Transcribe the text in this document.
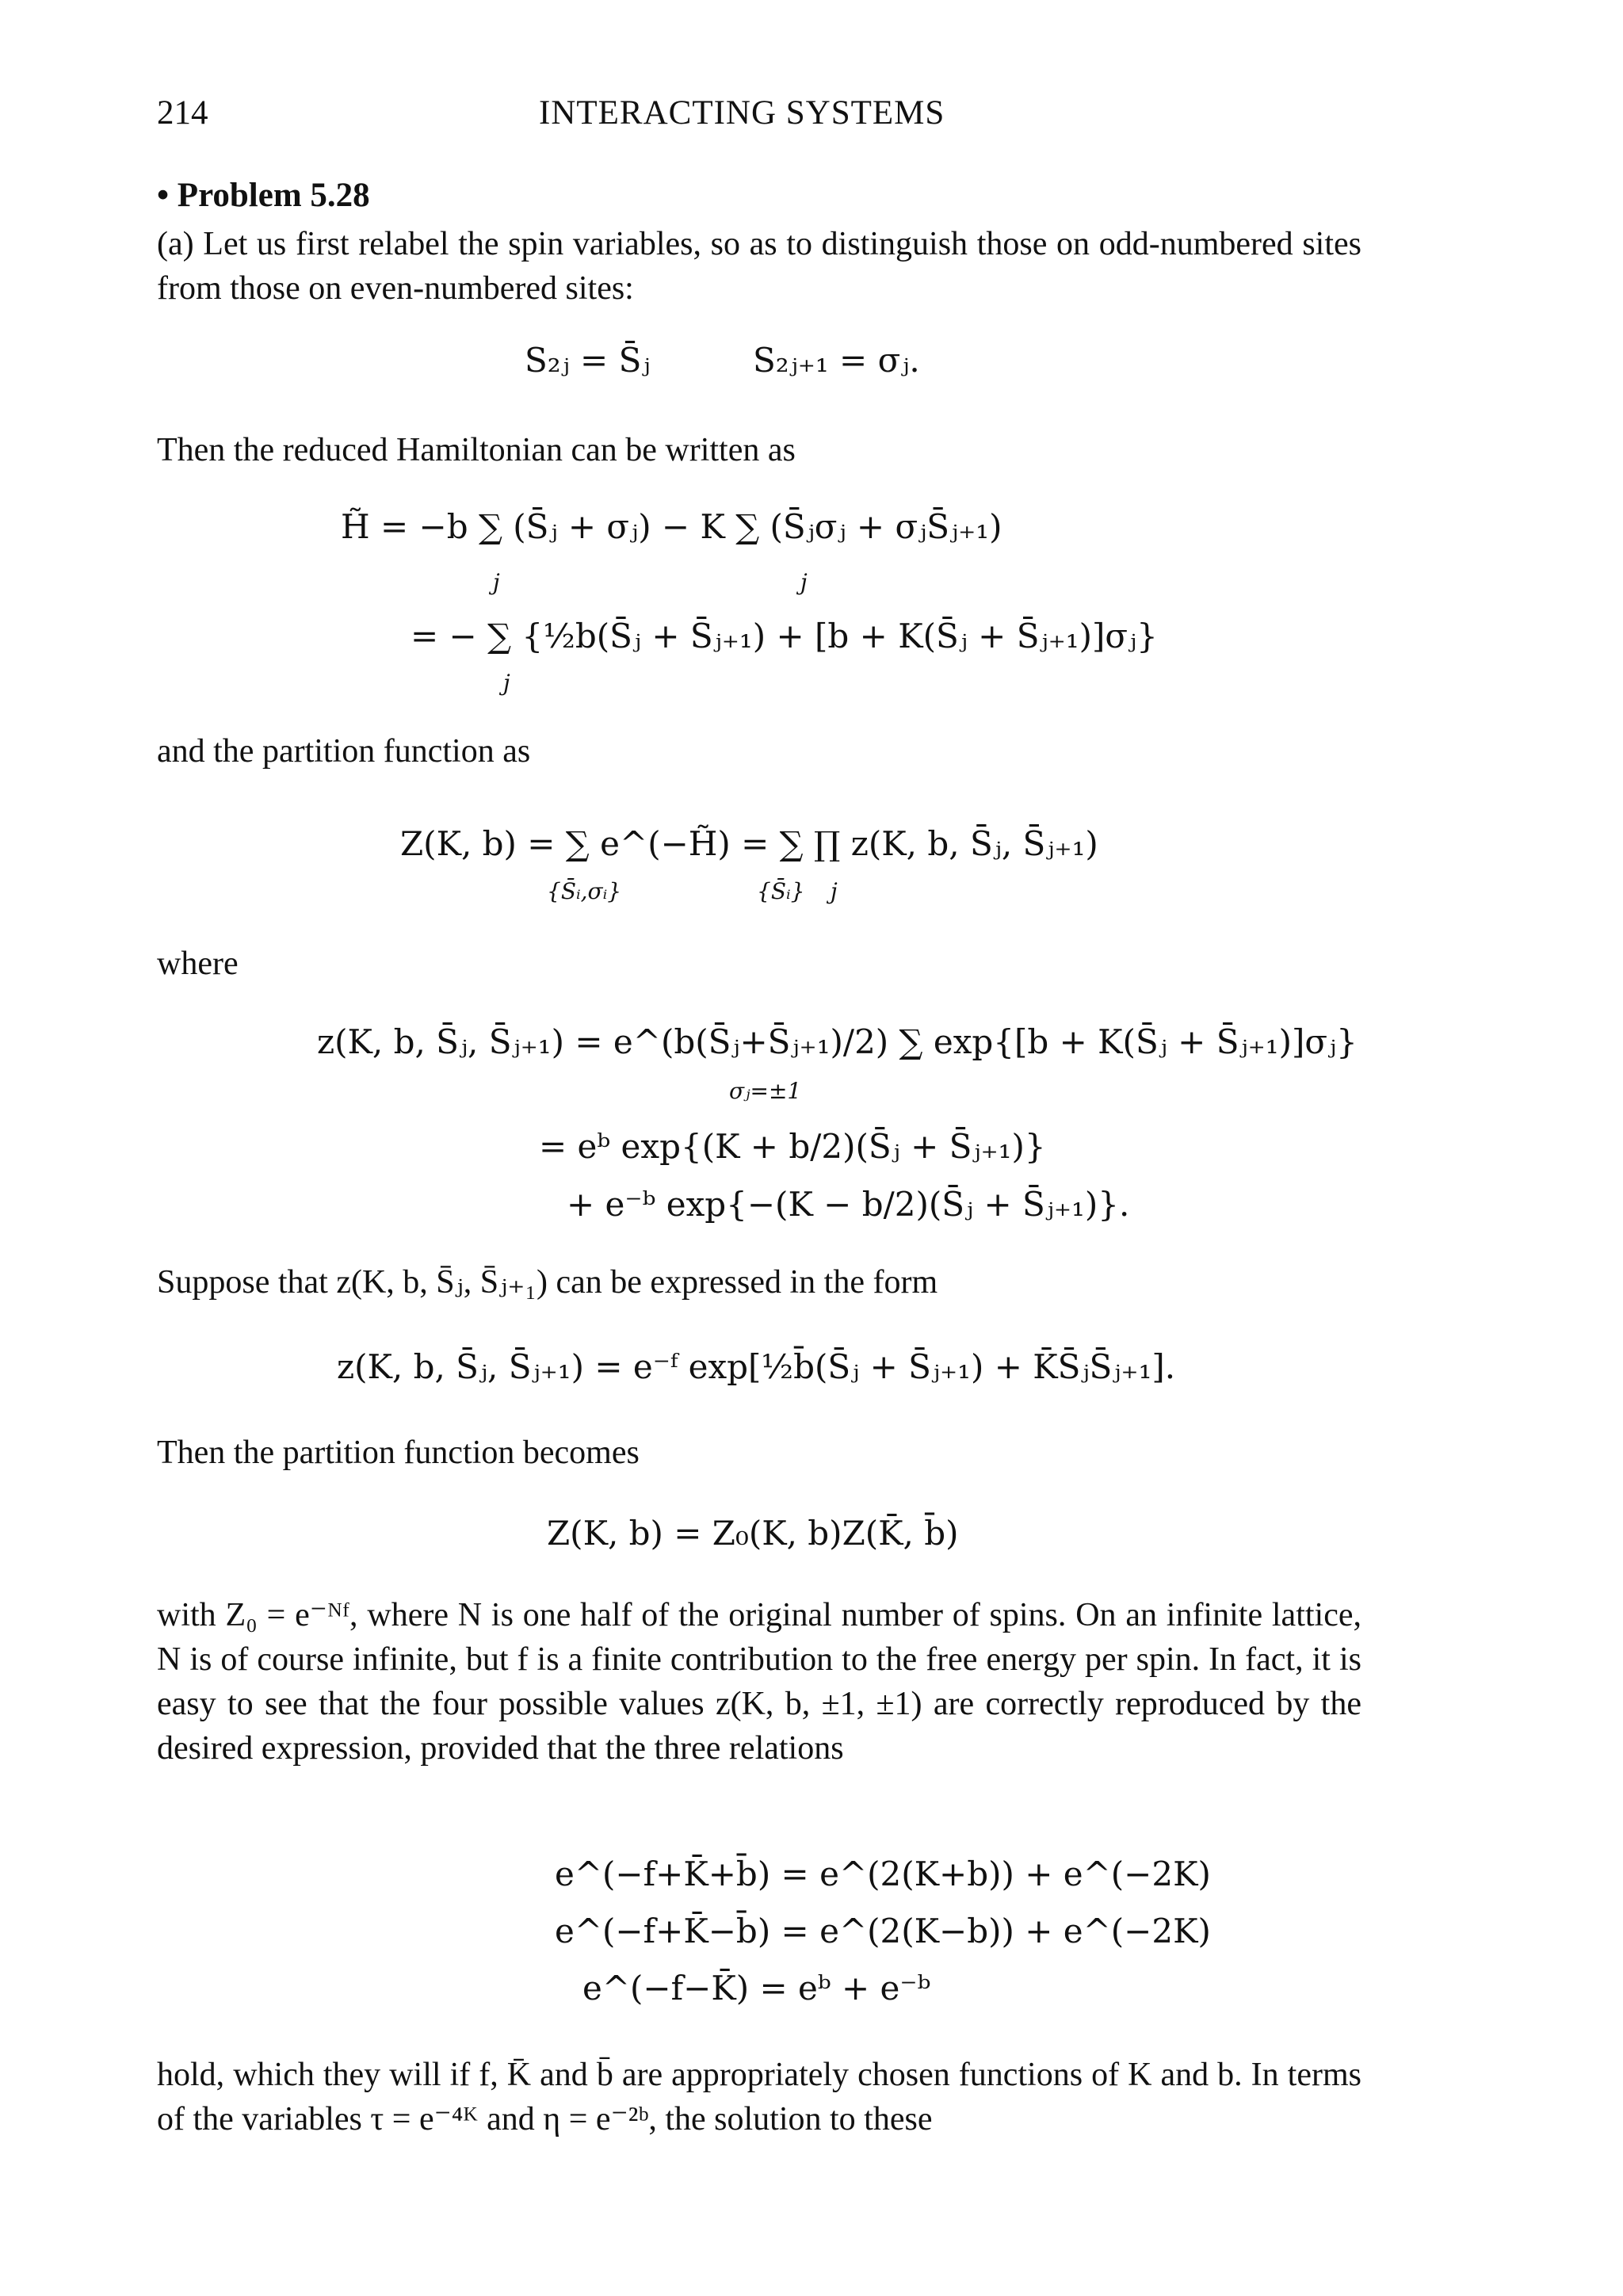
214	INTERACTING SYSTEMS
• Problem 5.28
(a) Let us first relabel the spin variables, so as to distinguish those on odd-numbered sites from those on even-numbered sites:
S₂ⱼ = S̄ⱼ	S₂ⱼ₊₁ = σⱼ.
Then the reduced Hamiltonian can be written as
H̃ = −b ∑ (S̄ⱼ + σⱼ) − K ∑ (S̄ⱼσⱼ + σⱼS̄ⱼ₊₁)
j	j
= − ∑ {½b(S̄ⱼ + S̄ⱼ₊₁) + [b + K(S̄ⱼ + S̄ⱼ₊₁)]σⱼ}
j
and the partition function as
Z(K, b) = ∑ e^(−H̃) = ∑ ∏ z(K, b, S̄ⱼ, S̄ⱼ₊₁)
{S̄ᵢ,σᵢ}	{S̄ᵢ} j
where
z(K, b, S̄ⱼ, S̄ⱼ₊₁) = e^(b(S̄ⱼ+S̄ⱼ₊₁)/2) ∑ exp{[b + K(S̄ⱼ + S̄ⱼ₊₁)]σⱼ}
σⱼ=±1
= eᵇ exp{(K + b/2)(S̄ⱼ + S̄ⱼ₊₁)}
+ e⁻ᵇ exp{−(K − b/2)(S̄ⱼ + S̄ⱼ₊₁)}.
Suppose that z(K, b, S̄ⱼ, S̄ⱼ₊₁) can be expressed in the form
z(K, b, S̄ⱼ, S̄ⱼ₊₁) = e⁻ᶠ exp[½b̄(S̄ⱼ + S̄ⱼ₊₁) + K̄S̄ⱼS̄ⱼ₊₁].
Then the partition function becomes
Z(K, b) = Z₀(K, b)Z(K̄, b̄)
with Z₀ = e⁻ᴺᶠ, where N is one half of the original number of spins. On an infinite lattice, N is of course infinite, but f is a finite contribution to the free energy per spin. In fact, it is easy to see that the four possible values z(K, b, ±1, ±1) are correctly reproduced by the desired expression, provided that the three relations
e^(−f+K̄+b̄) = e^(2(K+b)) + e^(−2K)
e^(−f+K̄−b̄) = e^(2(K−b)) + e^(−2K)
e^(−f−K̄) = eᵇ + e⁻ᵇ
hold, which they will if f, K̄ and b̄ are appropriately chosen functions of K and b. In terms of the variables τ = e⁻⁴ᴷ and η = e⁻²ᵇ, the solution to these
